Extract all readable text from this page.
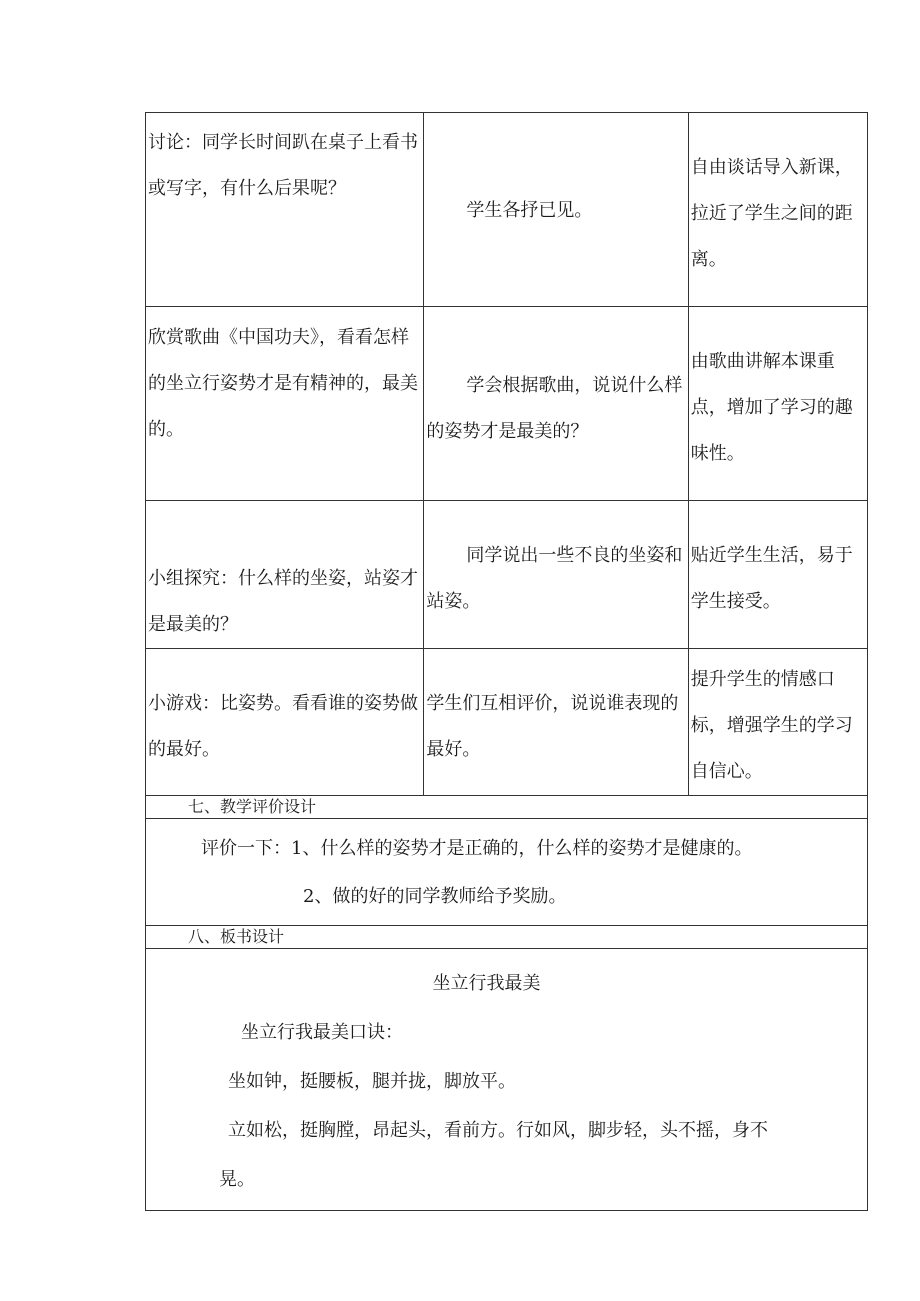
讨论：同学长时间趴在桌子上看书或写字，有什么后果呢？	学生各抒已见。	自由谈话导入新课，拉近了学生之间的距离。

欣赏歌曲《中国功夫》，看看怎样的坐立行姿势才是有精神的，最美的。	学会根据歌曲，说说什么样的姿势才是最美的？	由歌曲讲解本课重点，增加了学习的趣味性。

小组探究：什么样的坐姿，站姿才是最美的？	同学说出一些不良的坐姿和站姿。	贴近学生生活，易于学生接受。

小游戏：比姿势。看看谁的姿势做的最好。	学生们互相评价，说说谁表现的最好。	提升学生的情感口标，增强学生的学习自信心。

七、教学评价设计		

评价一下：1、什么样的姿势才是正确的，什么样的姿势才是健康的。

2、做的好的同学教师给予奖励。		

八、板书设计		

坐立行我最美

坐立行我最美口诀：

坐如钟，挺腰板，腿并拢，脚放平。

立如松，挺胸膛，昂起头，看前方。行如风，脚步轻，头不摇，身不

晃。		
